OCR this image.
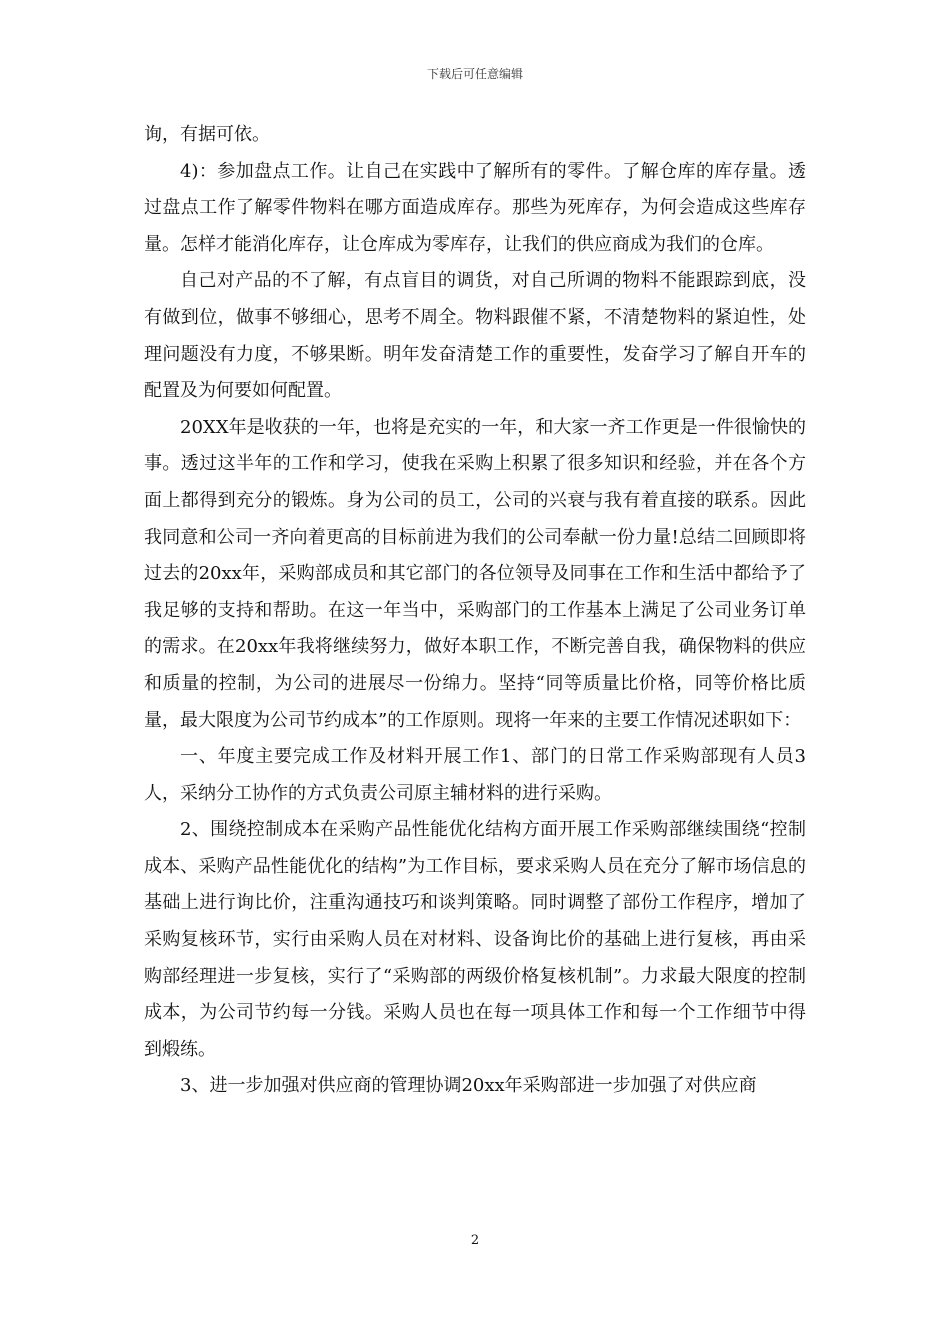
下载后可任意编辑

询，有据可依。

4)：参加盘点工作。让自己在实践中了解所有的零件。了解仓库的库存量。透过盘点工作了解零件物料在哪方面造成库存。那些为死库存，为何会造成这些库存量。怎样才能消化库存，让仓库成为零库存，让我们的供应商成为我们的仓库。

自己对产品的不了解，有点盲目的调货，对自己所调的物料不能跟踪到底，没有做到位，做事不够细心，思考不周全。物料跟催不紧，不清楚物料的紧迫性，处理问题没有力度，不够果断。明年发奋清楚工作的重要性，发奋学习了解自开车的配置及为何要如何配置。

20XX年是收获的一年，也将是充实的一年，和大家一齐工作更是一件很愉快的事。透过这半年的工作和学习，使我在采购上积累了很多知识和经验，并在各个方面上都得到充分的锻炼。身为公司的员工，公司的兴衰与我有着直接的联系。因此我同意和公司一齐向着更高的目标前进为我们的公司奉献一份力量!总结二回顾即将过去的20xx年，采购部成员和其它部门的各位领导及同事在工作和生活中都给予了我足够的支持和帮助。在这一年当中，采购部门的工作基本上满足了公司业务订单的需求。在20xx年我将继续努力，做好本职工作，不断完善自我，确保物料的供应和质量的控制，为公司的进展尽一份绵力。坚持“同等质量比价格，同等价格比质量，最大限度为公司节约成本”的工作原则。现将一年来的主要工作情况述职如下：

一、年度主要完成工作及材料开展工作1、部门的日常工作采购部现有人员3人，采纳分工协作的方式负责公司原主辅材料的进行采购。

2、围绕控制成本在采购产品性能优化结构方面开展工作采购部继续围绕“控制成本、采购产品性能优化的结构”为工作目标，要求采购人员在充分了解市场信息的基础上进行询比价，注重沟通技巧和谈判策略。同时调整了部份工作程序，增加了采购复核环节，实行由采购人员在对材料、设备询比价的基础上进行复核，再由采购部经理进一步复核，实行了“采购部的两级价格复核机制”。力求最大限度的控制成本，为公司节约每一分钱。采购人员也在每一项具体工作和每一个工作细节中得到煅练。

3、进一步加强对供应商的管理协调20xx年采购部进一步加强了对供应商

2
